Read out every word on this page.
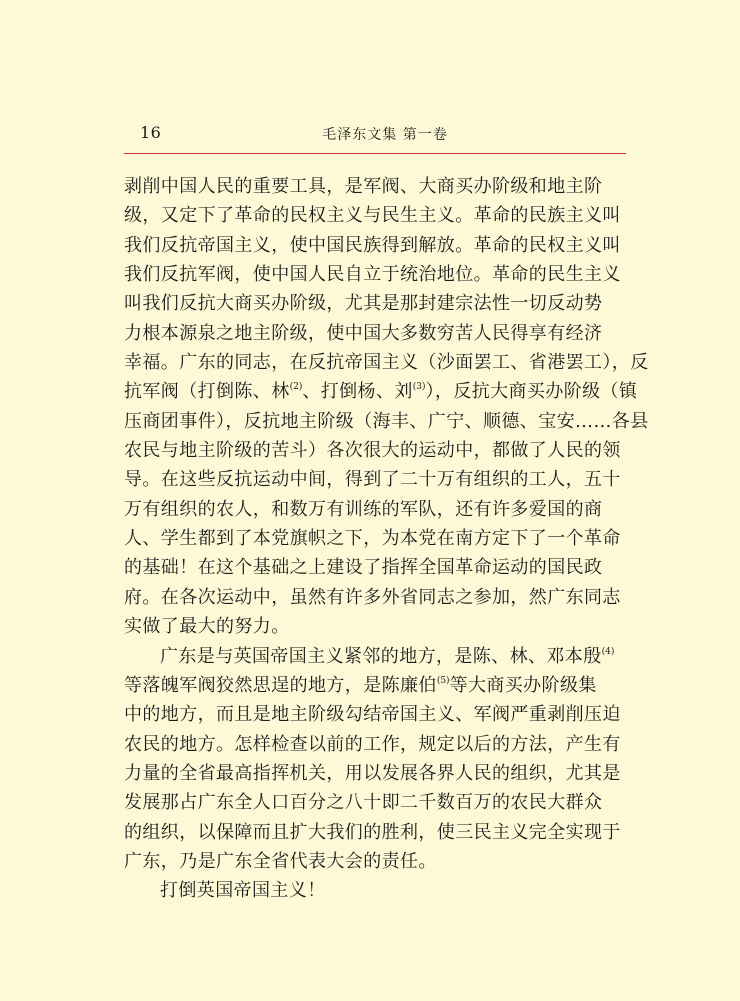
16	毛泽东文集 第一卷
剥削中国人民的重要工具，是军阀、大商买办阶级和地主阶
级，又定下了革命的民权主义与民生主义。革命的民族主义叫
我们反抗帝国主义，使中国民族得到解放。革命的民权主义叫
我们反抗军阀，使中国人民自立于统治地位。革命的民生主义
叫我们反抗大商买办阶级，尤其是那封建宗法性一切反动势
力根本源泉之地主阶级，使中国大多数穷苦人民得享有经济
幸福。广东的同志，在反抗帝国主义（沙面罢工、省港罢工），反
抗军阀（打倒陈、林$^{(2)}$、打倒杨、刘$^{(3)}$），反抗大商买办阶级（镇
压商团事件），反抗地主阶级（海丰、广宁、顺德、宝安……各县
农民与地主阶级的苦斗）各次很大的运动中，都做了人民的领
导。在这些反抗运动中间，得到了二十万有组织的工人，五十
万有组织的农人，和数万有训练的军队，还有许多爱国的商
人、学生都到了本党旗帜之下，为本党在南方定下了一个革命
的基础！在这个基础之上建设了指挥全国革命运动的国民政
府。在各次运动中，虽然有许多外省同志之参加，然广东同志
实做了最大的努力。
广东是与英国帝国主义紧邻的地方，是陈、林、邓本殷$^{(4)}$
等落魄军阀狡然思逞的地方，是陈廉伯$^{(5)}$等大商买办阶级集
中的地方，而且是地主阶级勾结帝国主义、军阀严重剥削压迫
农民的地方。怎样检查以前的工作，规定以后的方法，产生有
力量的全省最高指挥机关，用以发展各界人民的组织，尤其是
发展那占广东全人口百分之八十即二千数百万的农民大群众
的组织，以保障而且扩大我们的胜利，使三民主义完全实现于
广东，乃是广东全省代表大会的责任。
打倒英国帝国主义！
